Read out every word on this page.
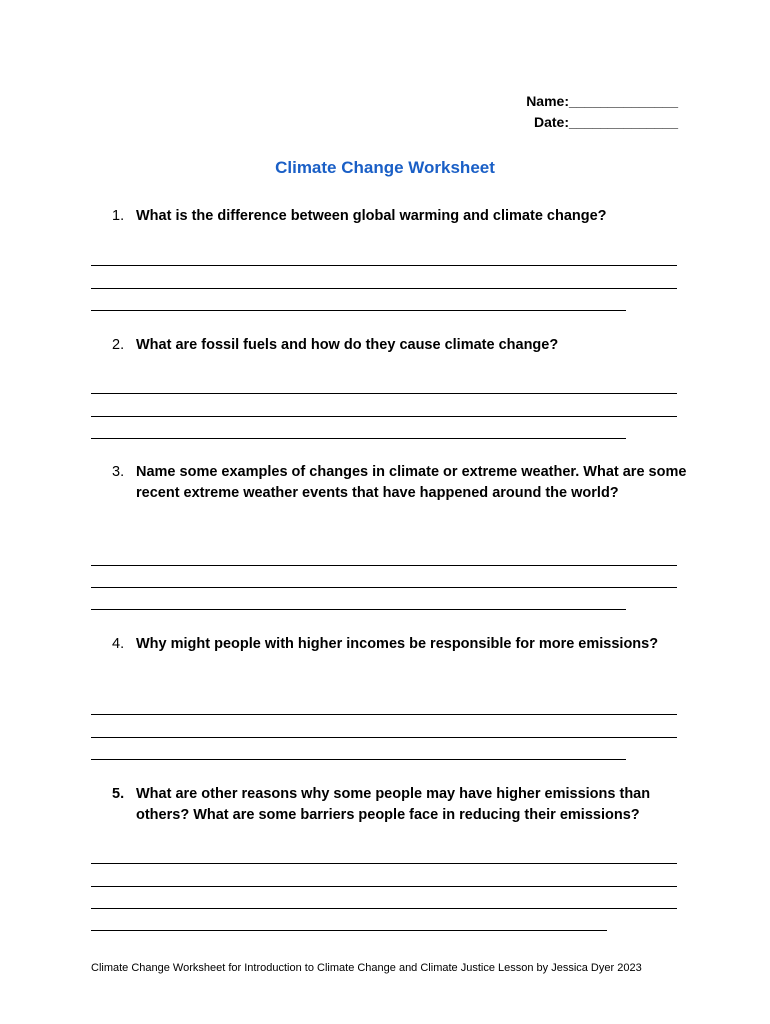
Name:______________
Date:______________
Climate Change Worksheet
1. What is the difference between global warming and climate change?
2. What are fossil fuels and how do they cause climate change?
3. Name some examples of changes in climate or extreme weather. What are some recent extreme weather events that have happened around the world?
4. Why might people with higher incomes be responsible for more emissions?
5. What are other reasons why some people may have higher emissions than others? What are some barriers people face in reducing their emissions?
Climate Change Worksheet for Introduction to Climate Change and Climate Justice Lesson by Jessica Dyer 2023
